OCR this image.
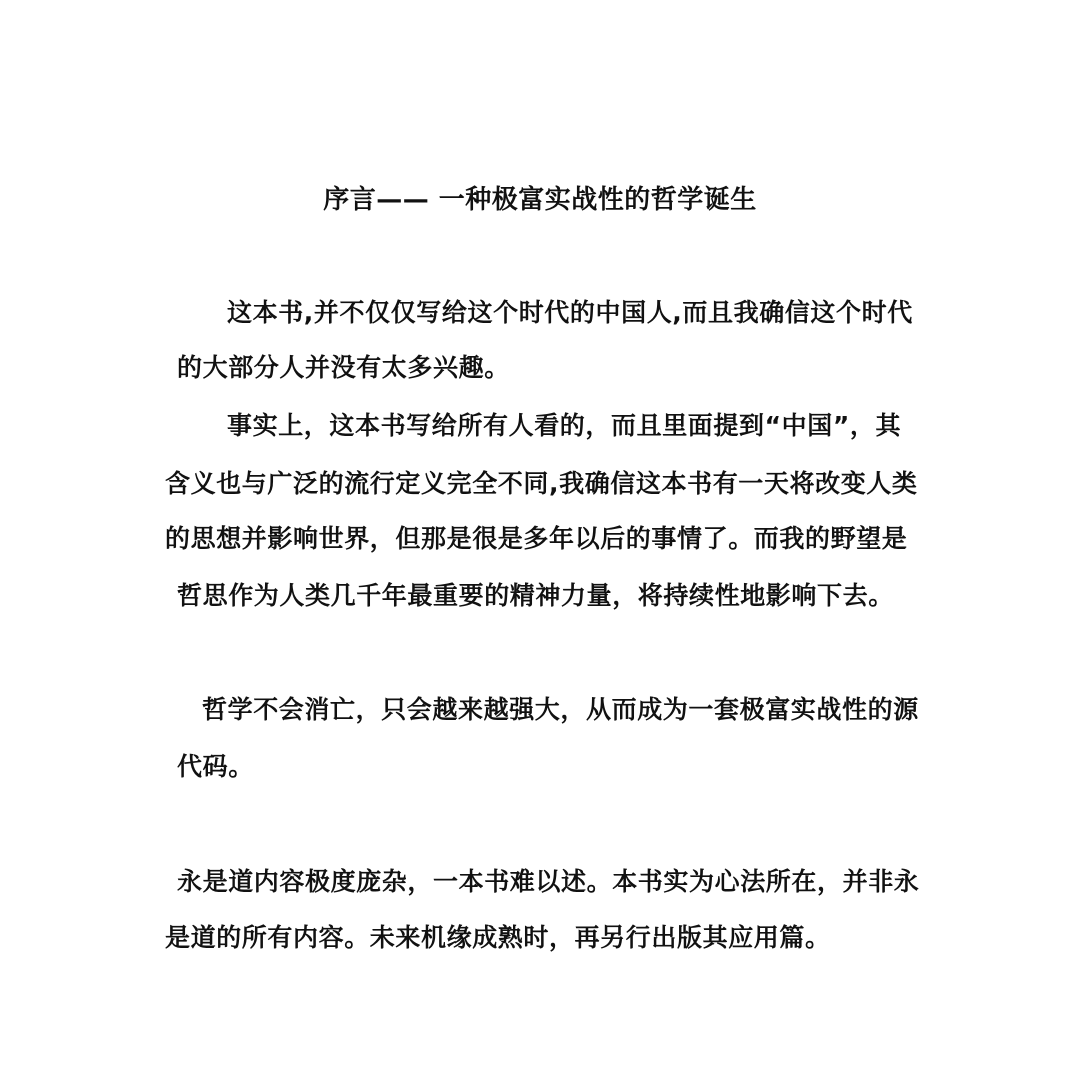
序言—— 一种极富实战性的哲学诞生
这本书,并不仅仅写给这个时代的中国人,而且我确信这个时代
的大部分人并没有太多兴趣。
事实上，这本书写给所有人看的，而且里面提到“中国”，其
含义也与广泛的流行定义完全不同,我确信这本书有一天将改变人类
的思想并影响世界，但那是很是多年以后的事情了。而我的野望是
哲思作为人类几千年最重要的精神力量，将持续性地影响下去。
哲学不会消亡，只会越来越强大，从而成为一套极富实战性的源
代码。
永是道内容极度庞杂，一本书难以述。本书实为心法所在，并非永
是道的所有内容。未来机缘成熟时，再另行出版其应用篇。
